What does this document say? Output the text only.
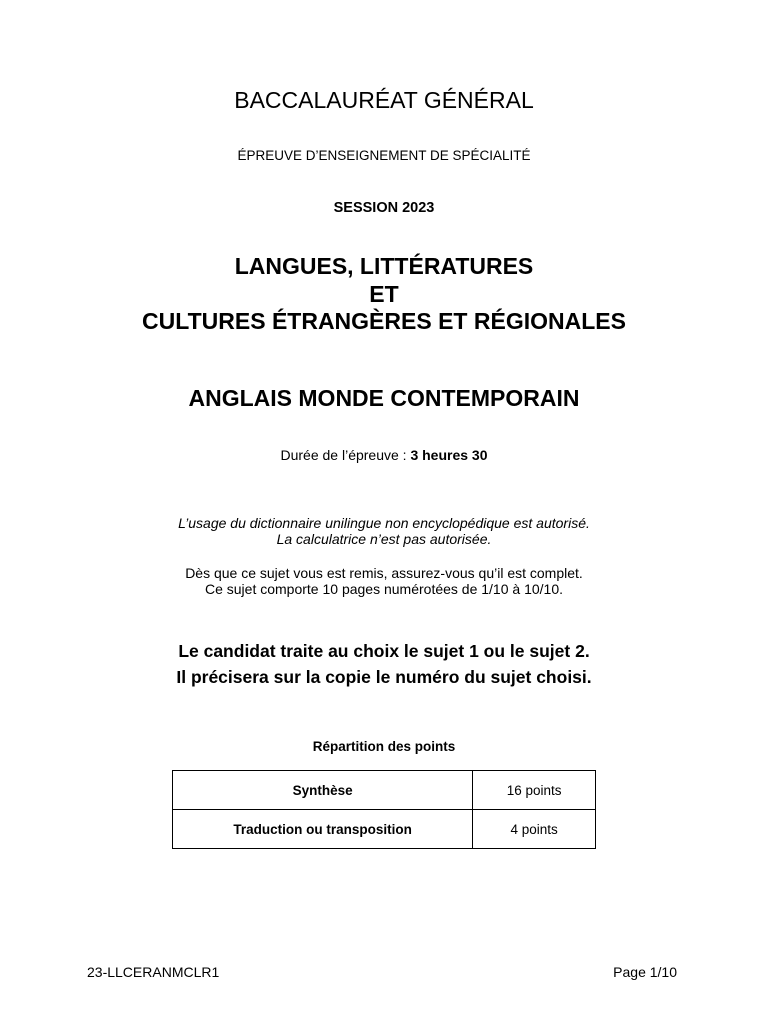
BACCALAURÉAT GÉNÉRAL
ÉPREUVE D’ENSEIGNEMENT DE SPÉCIALITÉ
SESSION 2023
LANGUES, LITTÉRATURES
ET
CULTURES ÉTRANGÈRES ET RÉGIONALES
ANGLAIS MONDE CONTEMPORAIN
Durée de l’épreuve : 3 heures 30
L’usage du dictionnaire unilingue non encyclopédique est autorisé.
La calculatrice n’est pas autorisée.
Dès que ce sujet vous est remis, assurez-vous qu’il est complet.
Ce sujet comporte 10 pages numérotées de 1/10 à 10/10.
Le candidat traite au choix le sujet 1 ou le sujet 2.
Il précisera sur la copie le numéro du sujet choisi.
Répartition des points
Synthèse	16 points
Traduction ou transposition	4 points
23-LLCERANMCLR1	Page 1/10
